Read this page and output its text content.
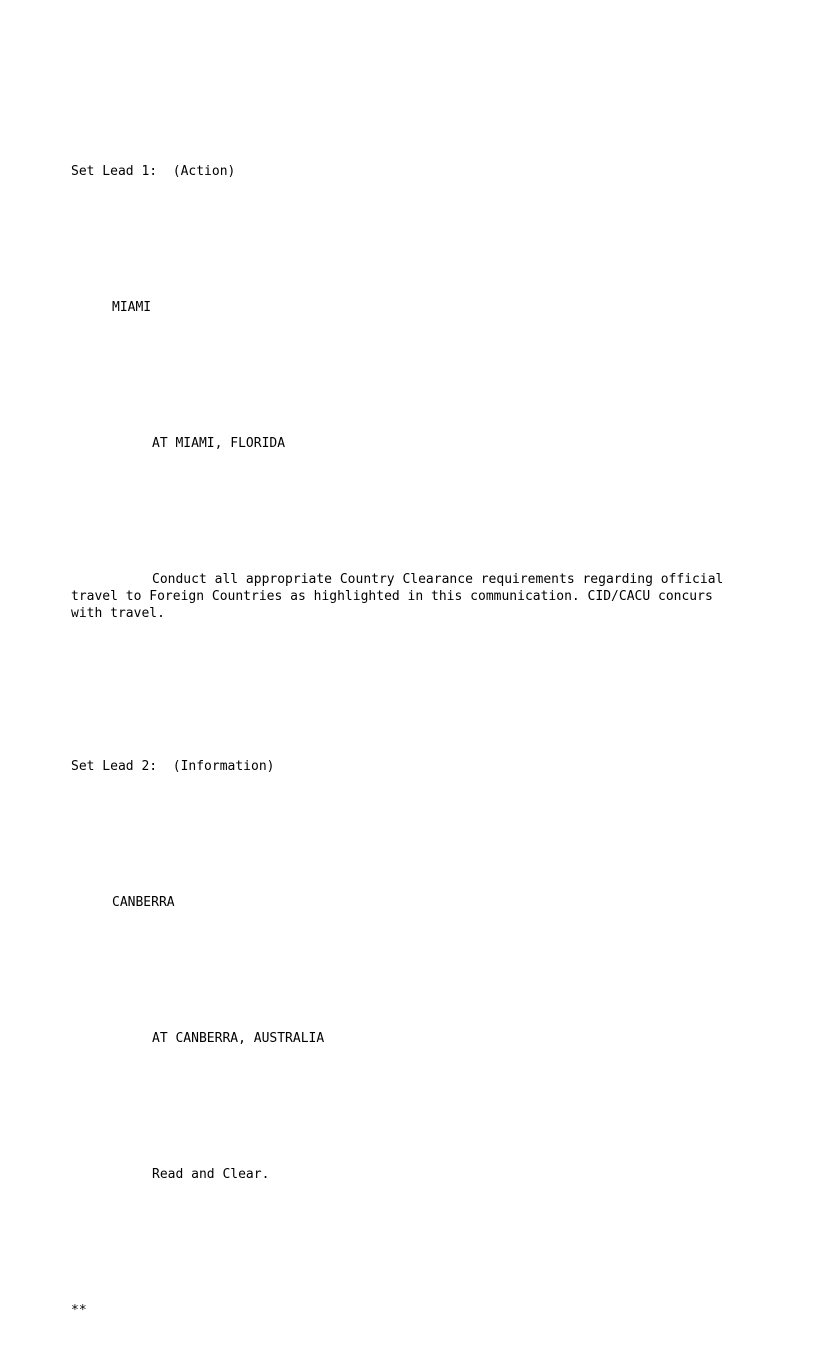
Set Lead 1:  (Action)

MIAMI

AT MIAMI, FLORIDA

Conduct all appropriate Country Clearance requirements regarding official travel to Foreign Countries as highlighted in this communication. CID/CACU concurs with travel.

Set Lead 2:  (Information)

CANBERRA

AT CANBERRA, AUSTRALIA

Read and Clear.

**
